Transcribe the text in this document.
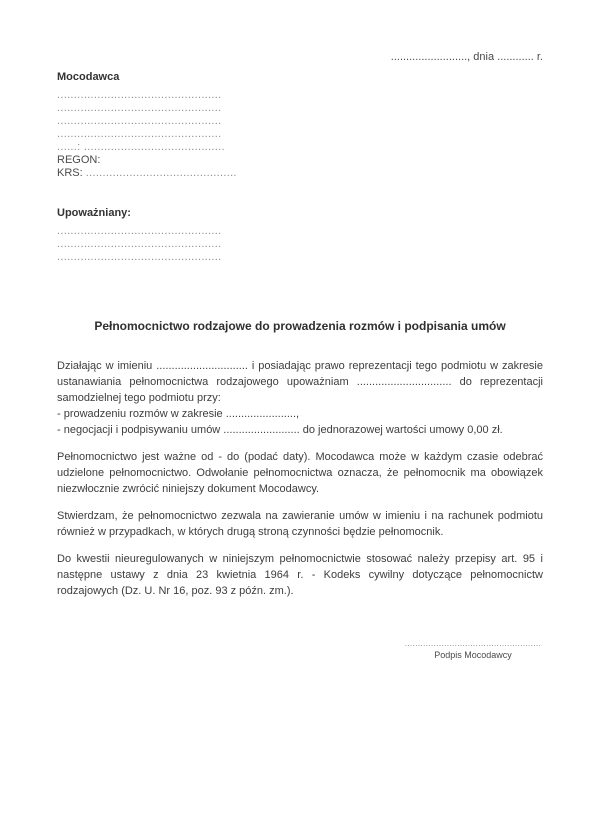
........................., dnia ............ r.
Mocodawca
.................................................
.................................................
.................................................
.................................................
......: ..........................................
REGON:
KRS: .............................................
Upoważniany:
.................................................
.................................................
.................................................
Pełnomocnictwo rodzajowe do prowadzenia rozmów i podpisania umów
Działając w imieniu .............................. i posiadając prawo reprezentacji tego podmiotu w zakresie ustanawiania pełnomocnictwa rodzajowego upoważniam ............................... do reprezentacji samodzielnej tego podmiotu przy:
- prowadzeniu rozmów w zakresie .......................,
- negocjacji i podpisywaniu umów ......................... do jednorazowej wartości umowy 0,00 zł.

Pełnomocnictwo jest ważne od - do (podać daty). Mocodawca może w każdym czasie odebrać udzielone pełnomocnictwo. Odwołanie pełnomocnictwa oznacza, że pełnomocnik ma obowiązek niezwłocznie zwrócić niniejszy dokument Mocodawcy.

Stwierdzam, że pełnomocnictwo zezwala na zawieranie umów w imieniu i na rachunek podmiotu również w przypadkach, w których drugą stroną czynności będzie pełnomocnik.

Do kwestii nieuregulowanych w niniejszym pełnomocnictwie stosować należy przepisy art. 95 i następne ustawy z dnia 23 kwietnia 1964 r. - Kodeks cywilny dotyczące pełnomocnictw rodzajowych (Dz. U. Nr 16, poz. 93 z późn. zm.).

....................................................
Podpis Mocodawcy
